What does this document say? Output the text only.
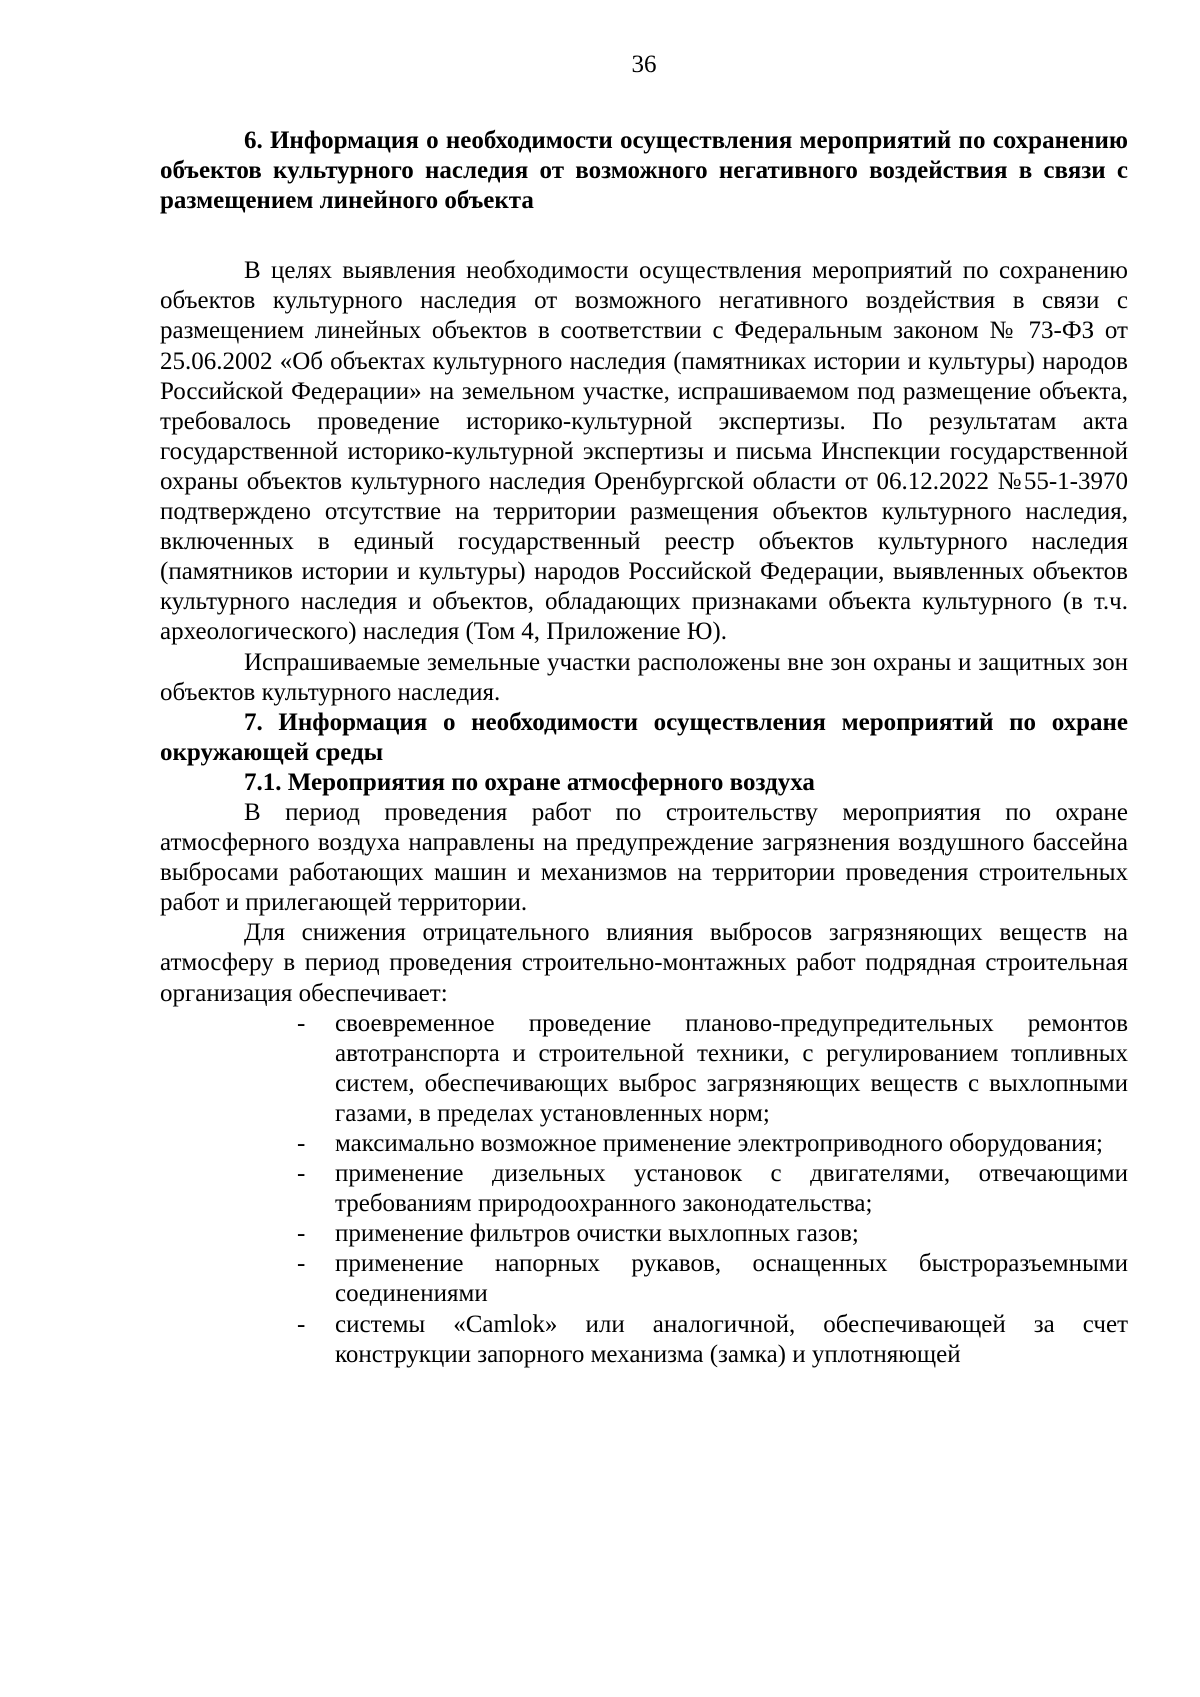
36

6. Информация о необходимости осуществления мероприятий по сохранению объектов культурного наследия от возможного негативного воздействия в связи с размещением линейного объекта

В целях выявления необходимости осуществления мероприятий по сохранению объектов культурного наследия от возможного негативного воздействия в связи с размещением линейных объектов в соответствии с Федеральным законом № 73-ФЗ от 25.06.2002 «Об объектах культурного наследия (памятниках истории и культуры) народов Российской Федерации» на земельном участке, испрашиваемом под размещение объекта, требовалось проведение историко-культурной экспертизы. По результатам акта государственной историко-культурной экспертизы и письма Инспекции государственной охраны объектов культурного наследия Оренбургской области от 06.12.2022 №55-1-3970 подтверждено отсутствие на территории размещения объектов культурного наследия, включенных в единый государственный реестр объектов культурного наследия (памятников истории и культуры) народов Российской Федерации, выявленных объектов культурного наследия и объектов, обладающих признаками объекта культурного (в т.ч. археологического) наследия (Том 4, Приложение Ю).

Испрашиваемые земельные участки расположены вне зон охраны и защитных зон объектов культурного наследия.

7. Информация о необходимости осуществления мероприятий по охране окружающей среды

7.1. Мероприятия по охране атмосферного воздуха

В период проведения работ по строительству мероприятия по охране атмосферного воздуха направлены на предупреждение загрязнения воздушного бассейна выбросами работающих машин и механизмов на территории проведения строительных работ и прилегающей территории.

Для снижения отрицательного влияния выбросов загрязняющих веществ на атмосферу в период проведения строительно-монтажных работ подрядная строительная организация обеспечивает:

- своевременное проведение планово-предупредительных ремонтов автотранспорта и строительной техники, с регулированием топливных систем, обеспечивающих выброс загрязняющих веществ с выхлопными газами, в пределах установленных норм;
- максимально возможное применение электроприводного оборудования;
- применение дизельных установок с двигателями, отвечающими требованиям природоохранного законодательства;
- применение фильтров очистки выхлопных газов;
- применение напорных рукавов, оснащенных быстроразъемными соединениями
- системы «Camlok» или аналогичной, обеспечивающей за счет конструкции запорного механизма (замка) и уплотняющей
